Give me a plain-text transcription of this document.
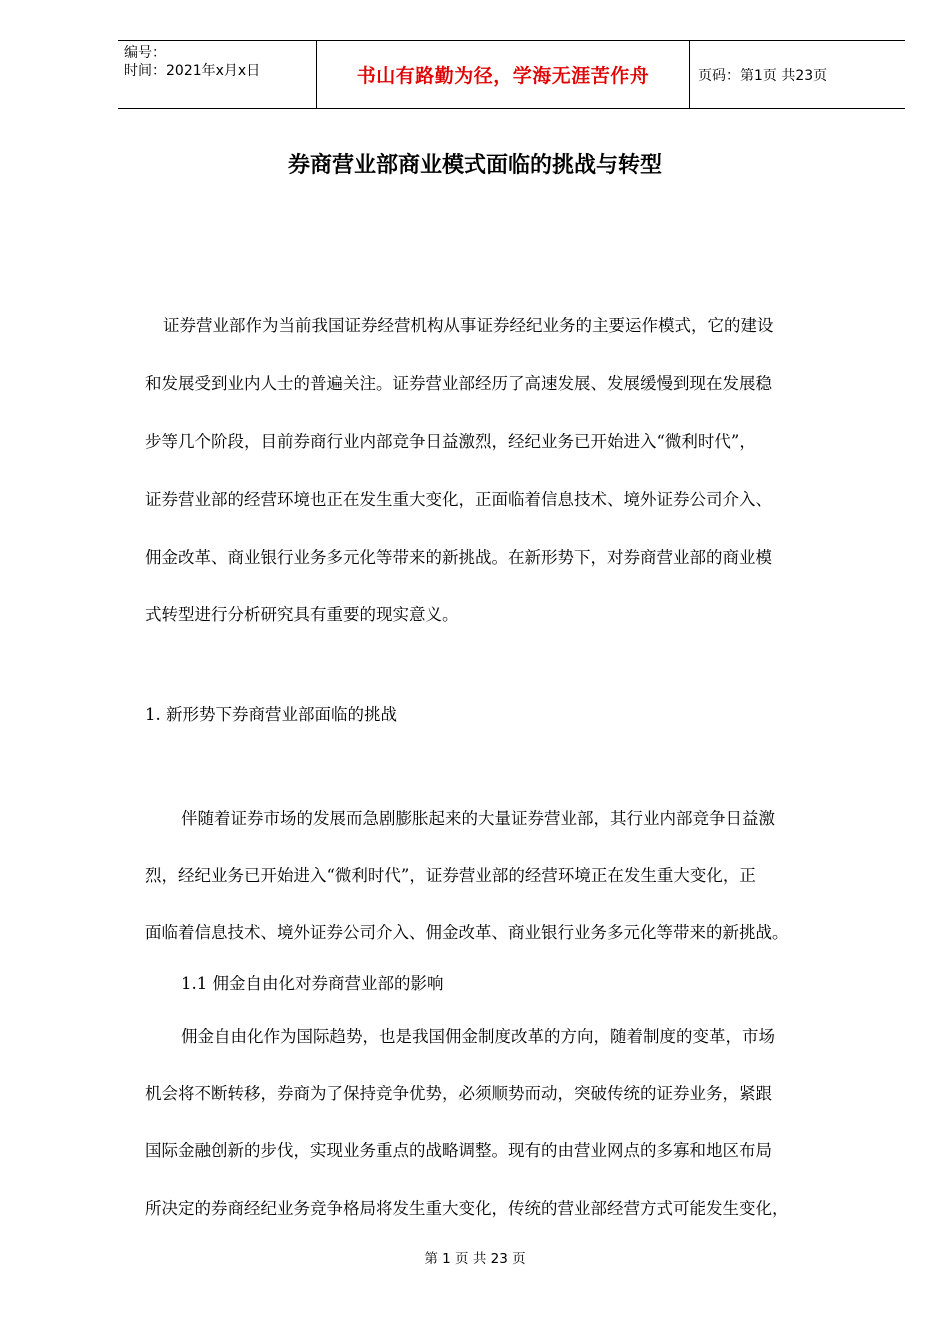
编号：
时间：2021年x月x日	书山有路勤为径，学海无涯苦作舟	页码：第1页 共23页
券商营业部商业模式面临的挑战与转型
证券营业部作为当前我国证券经营机构从事证券经纪业务的主要运作模式，它的建设
和发展受到业内人士的普遍关注。证券营业部经历了高速发展、发展缓慢到现在发展稳
步等几个阶段，目前券商行业内部竞争日益激烈，经纪业务已开始进入“微利时代”，
证券营业部的经营环境也正在发生重大变化，正面临着信息技术、境外证券公司介入、
佣金改革、商业银行业务多元化等带来的新挑战。在新形势下，对券商营业部的商业模
式转型进行分析研究具有重要的现实意义。
1. 新形势下券商营业部面临的挑战
伴随着证券市场的发展而急剧膨胀起来的大量证券营业部，其行业内部竞争日益激
烈，经纪业务已开始进入“微利时代”，证券营业部的经营环境正在发生重大变化，正
面临着信息技术、境外证券公司介入、佣金改革、商业银行业务多元化等带来的新挑战。
1.1 佣金自由化对券商营业部的影响
佣金自由化作为国际趋势，也是我国佣金制度改革的方向，随着制度的变革，市场
机会将不断转移，券商为了保持竞争优势，必须顺势而动，突破传统的证券业务，紧跟
国际金融创新的步伐，实现业务重点的战略调整。现有的由营业网点的多寡和地区布局
所决定的券商经纪业务竞争格局将发生重大变化，传统的营业部经营方式可能发生变化，
第 1 页 共 23 页
